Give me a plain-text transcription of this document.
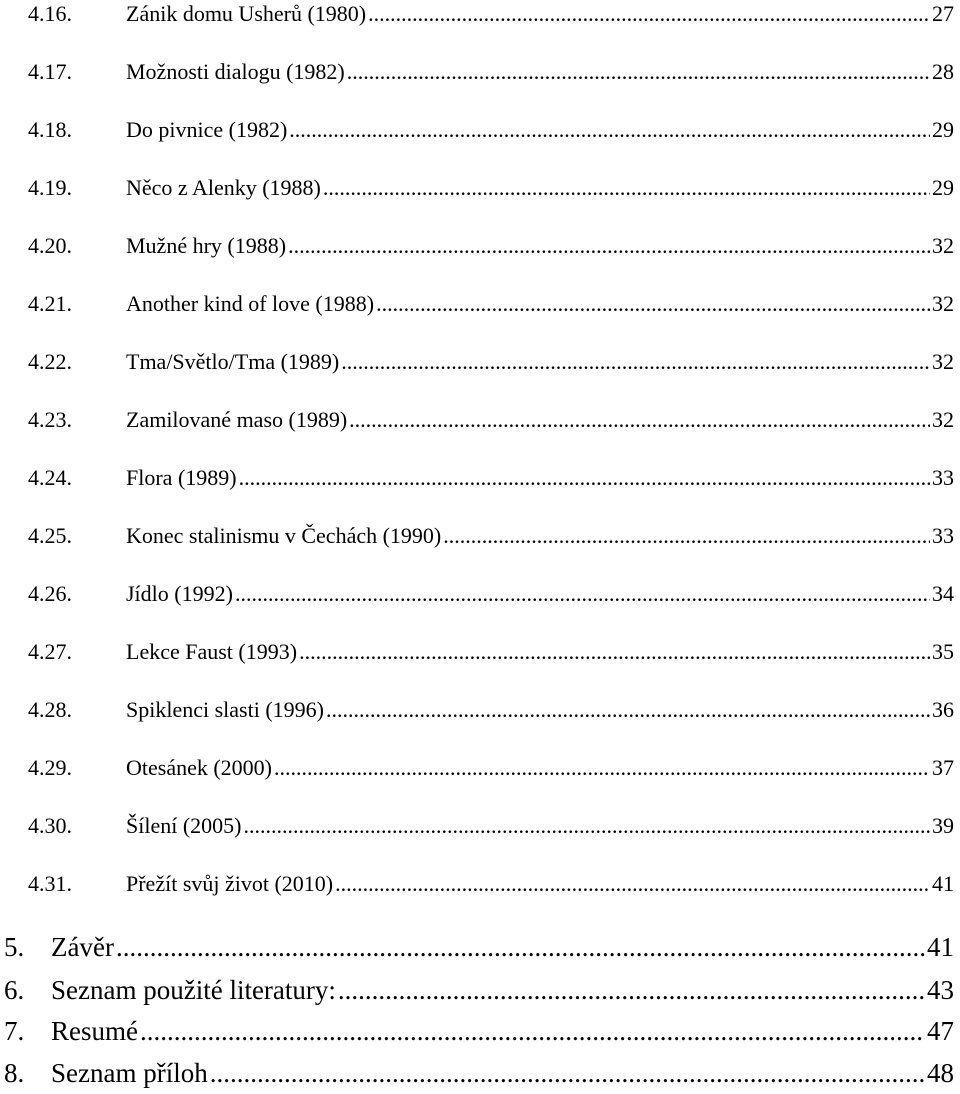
4.16.	Zánik domu Usherů (1980) .....	27
4.17.	Možnosti dialogu (1982) .....	28
4.18.	Do pivnice (1982) .....	29
4.19.	Něco z Alenky (1988) .....	29
4.20.	Mužné hry (1988) .....	32
4.21.	Another kind of love (1988) .....	32
4.22.	Tma/Světlo/Tma (1989) .....	32
4.23.	Zamilované maso (1989) .....	32
4.24.	Flora (1989) .....	33
4.25.	Konec stalinismu v Čechách (1990) .....	33
4.26.	Jídlo (1992) .....	34
4.27.	Lekce Faust (1993) .....	35
4.28.	Spiklenci slasti (1996) .....	36
4.29.	Otesánek (2000) .....	37
4.30.	Šílení (2005) .....	39
4.31.	Přežít svůj život (2010) .....	41
5. Závěr .....	41
6. Seznam použité literatury: .....	43
7. Resumé .....	47
8. Seznam příloh .....	48
